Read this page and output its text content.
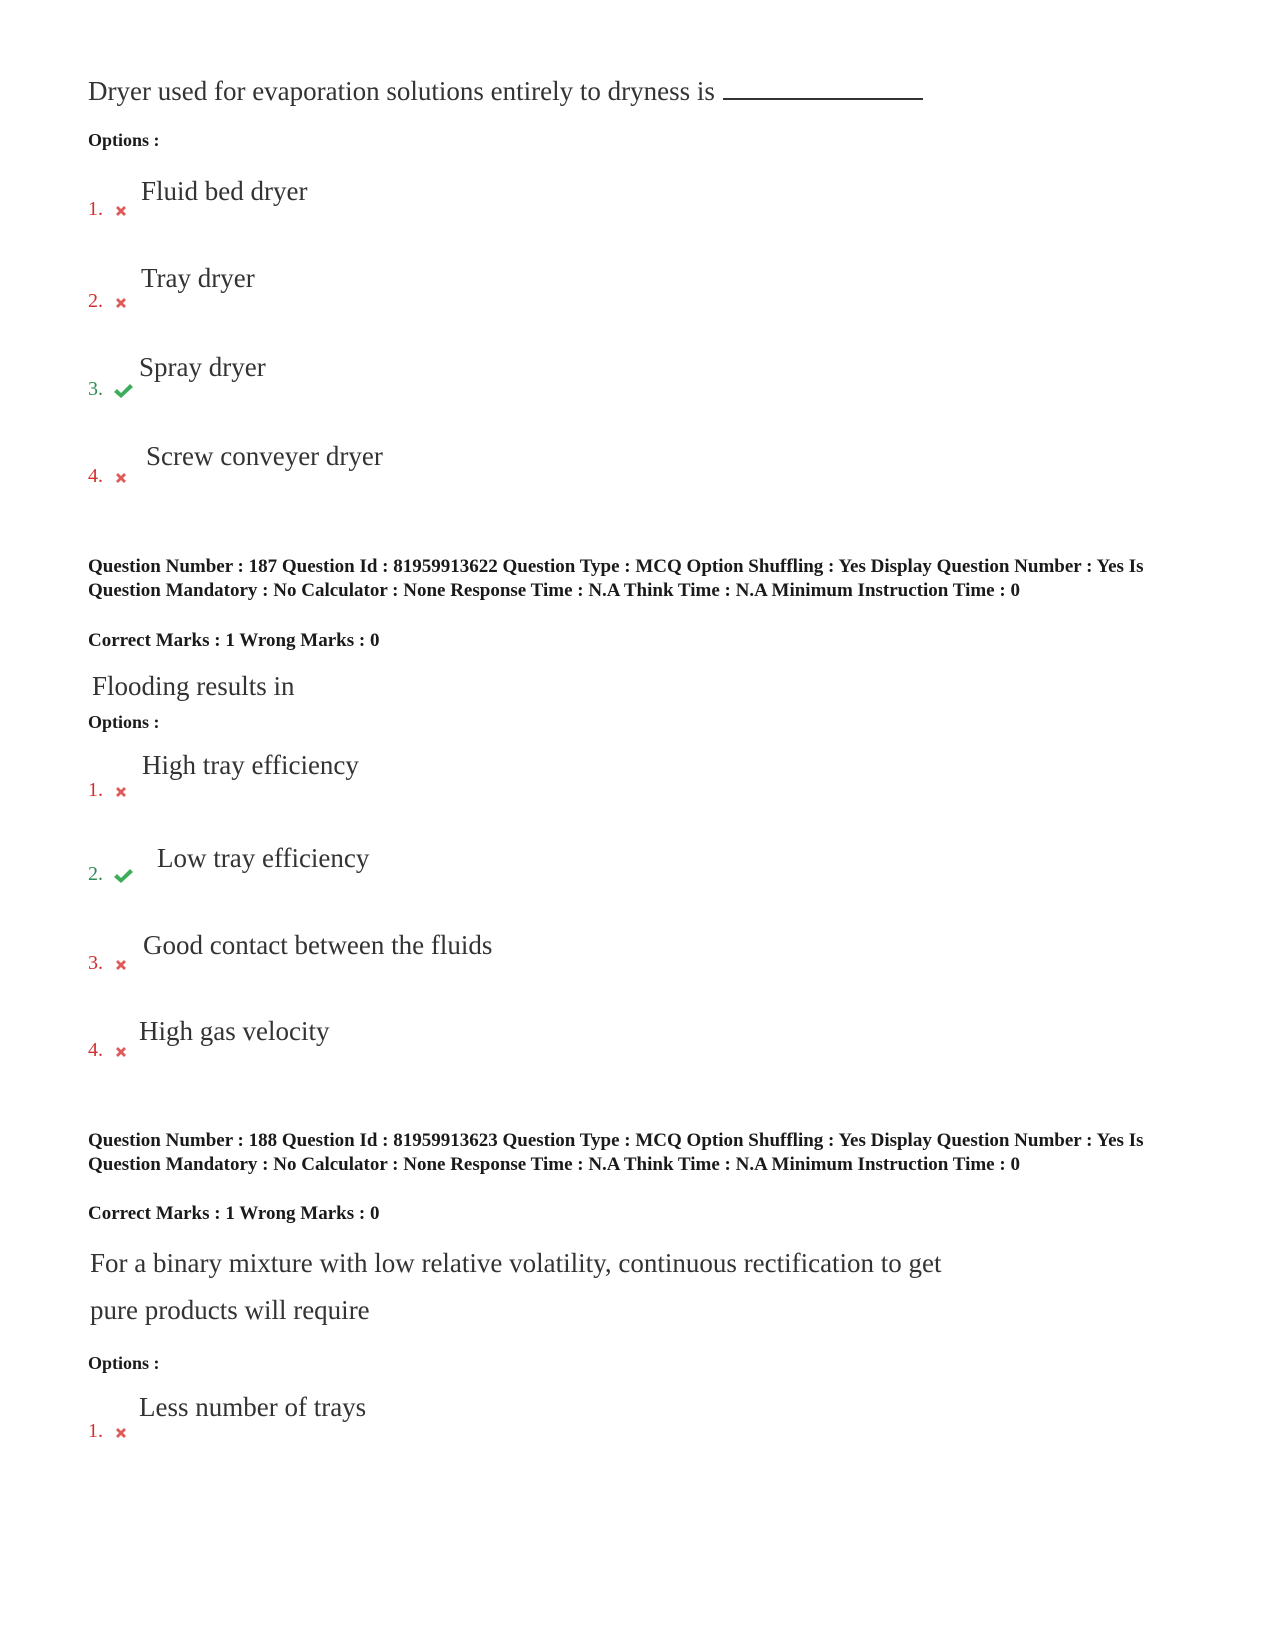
Dryer used for evaporation solutions entirely to dryness is
Options :
1.
Fluid bed dryer
2.
Tray dryer
3.
Spray dryer
4.
Screw conveyer dryer
Question Number : 187 Question Id : 81959913622 Question Type : MCQ Option Shuffling : Yes Display Question Number : Yes Is Question Mandatory : No Calculator : None Response Time : N.A Think Time : N.A Minimum Instruction Time : 0
Correct Marks : 1 Wrong Marks : 0
Flooding results in
Options :
1.
High tray efficiency
2.
Low tray efficiency
3.
Good contact between the fluids
4.
High gas velocity
Question Number : 188 Question Id : 81959913623 Question Type : MCQ Option Shuffling : Yes Display Question Number : Yes Is Question Mandatory : No Calculator : None Response Time : N.A Think Time : N.A Minimum Instruction Time : 0
Correct Marks : 1 Wrong Marks : 0
For a binary mixture with low relative volatility, continuous rectification to get
pure products will require
Options :
1.
Less number of trays
